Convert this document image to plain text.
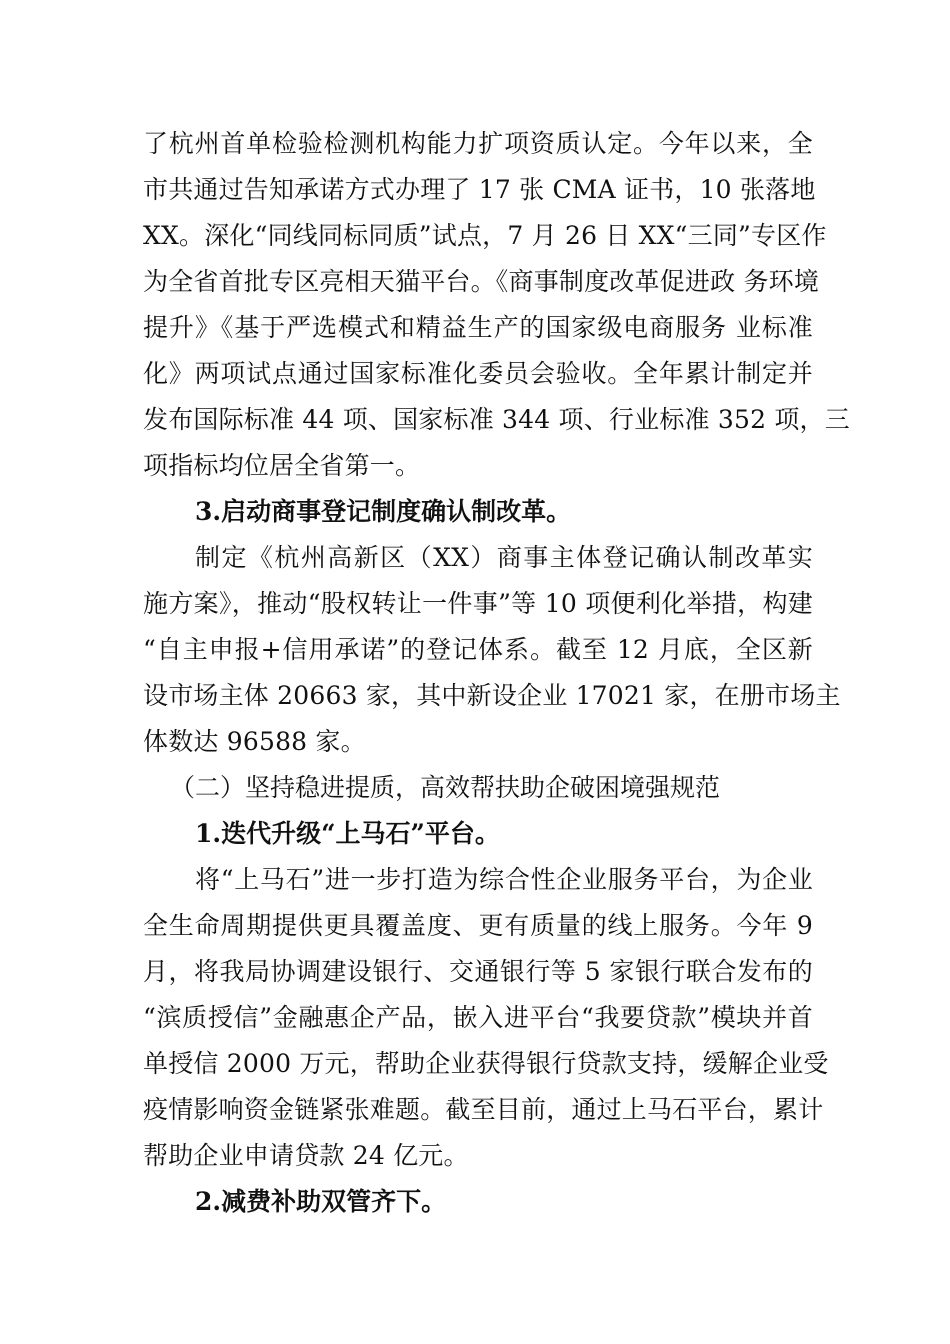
了杭州首单检验检测机构能力扩项资质认定。今年以来，全
市共通过告知承诺方式办理了 17 张 CMA 证书，10 张落地
XX。深化“同线同标同质”试点，7 月 26 日 XX“三同”专区作
为全省首批专区亮相天猫平台。《商事制度改革促进政 务环境
提升》《基于严选模式和精益生产的国家级电商服务 业标准
化》两项试点通过国家标准化委员会验收。全年累计制定并
发布国际标准 44 项、国家标准 344 项、行业标准 352 项，三
项指标均位居全省第一。
3.启动商事登记制度确认制改革。
制定《杭州高新区（XX）商事主体登记确认制改革实
施方案》，推动“股权转让一件事”等 10 项便利化举措，构建
“自主申报+信用承诺”的登记体系。截至 12 月底，全区新
设市场主体 20663 家，其中新设企业 17021 家，在册市场主
体数达 96588 家。
（二）坚持稳进提质，高效帮扶助企破困境强规范
1.迭代升级“上马石”平台。
将“上马石”进一步打造为综合性企业服务平台，为企业
全生命周期提供更具覆盖度、更有质量的线上服务。今年 9
月，将我局协调建设银行、交通银行等 5 家银行联合发布的
“滨质授信”金融惠企产品，嵌入进平台“我要贷款”模块并首
单授信 2000 万元，帮助企业获得银行贷款支持，缓解企业受
疫情影响资金链紧张难题。截至目前，通过上马石平台，累计
帮助企业申请贷款 24 亿元。
2.减费补助双管齐下。
